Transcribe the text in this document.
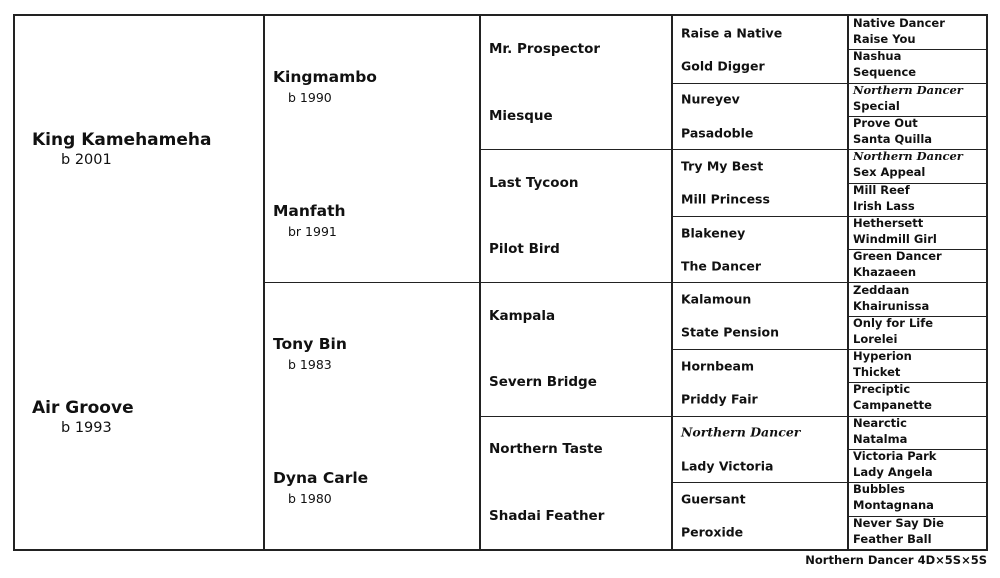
King Kamehameha
b 2001
Air Groove
b 1993
Kingmambo
b 1990
Manfath
br 1991
Tony Bin
b 1983
Dyna Carle
b 1980
Mr. Prospector
Miesque
Last Tycoon
Pilot Bird
Kampala
Severn Bridge
Northern Taste
Shadai Feather
Raise a Native
Gold Digger
Nureyev
Pasadoble
Try My Best
Mill Princess
Blakeney
The Dancer
Kalamoun
State Pension
Hornbeam
Priddy Fair
Northern Dancer
Lady Victoria
Guersant
Peroxide
Native Dancer
Raise You
Nashua
Sequence
Northern Dancer
Special
Prove Out
Santa Quilla
Northern Dancer
Sex Appeal
Mill Reef
Irish Lass
Hethersett
Windmill Girl
Green Dancer
Khazaeen
Zeddaan
Khairunissa
Only for Life
Lorelei
Hyperion
Thicket
Preciptic
Campanette
Nearctic
Natalma
Victoria Park
Lady Angela
Bubbles
Montagnana
Never Say Die
Feather Ball
Northern Dancer 4D×5S×5S
